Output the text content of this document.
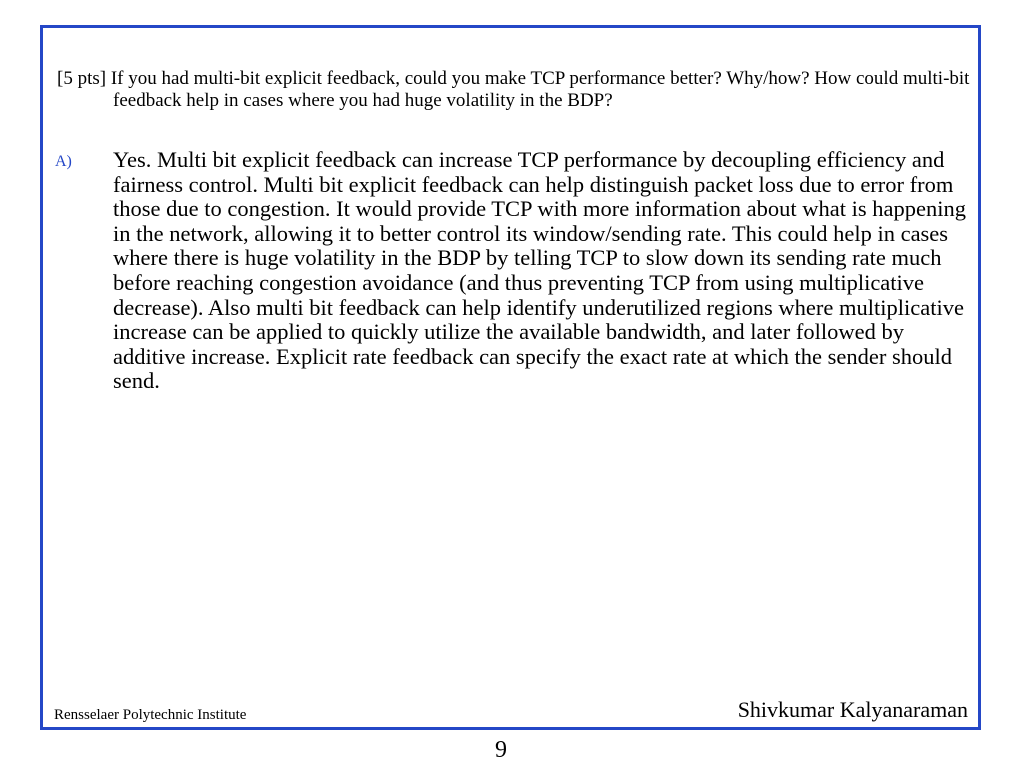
[5 pts] If you had multi-bit explicit feedback, could you make TCP performance better? Why/how? How could multi-bit feedback help in cases where you had huge volatility in the BDP?

A) Yes. Multi bit explicit feedback can increase TCP performance by decoupling efficiency and fairness control. Multi bit explicit feedback can help distinguish packet loss due to error from those due to congestion. It would provide TCP with more information about what is happening in the network, allowing it to better control its window/sending rate. This could help in cases where there is huge volatility in the BDP by telling TCP to slow down its sending rate much before reaching congestion avoidance (and thus preventing TCP from using multiplicative decrease). Also multi bit feedback can help identify underutilized regions where multiplicative increase can be applied to quickly utilize the available bandwidth, and later followed by additive increase. Explicit rate feedback can specify the exact rate at which the sender should send.

Rensselaer Polytechnic Institute	Shivkumar Kalyanaraman
9
